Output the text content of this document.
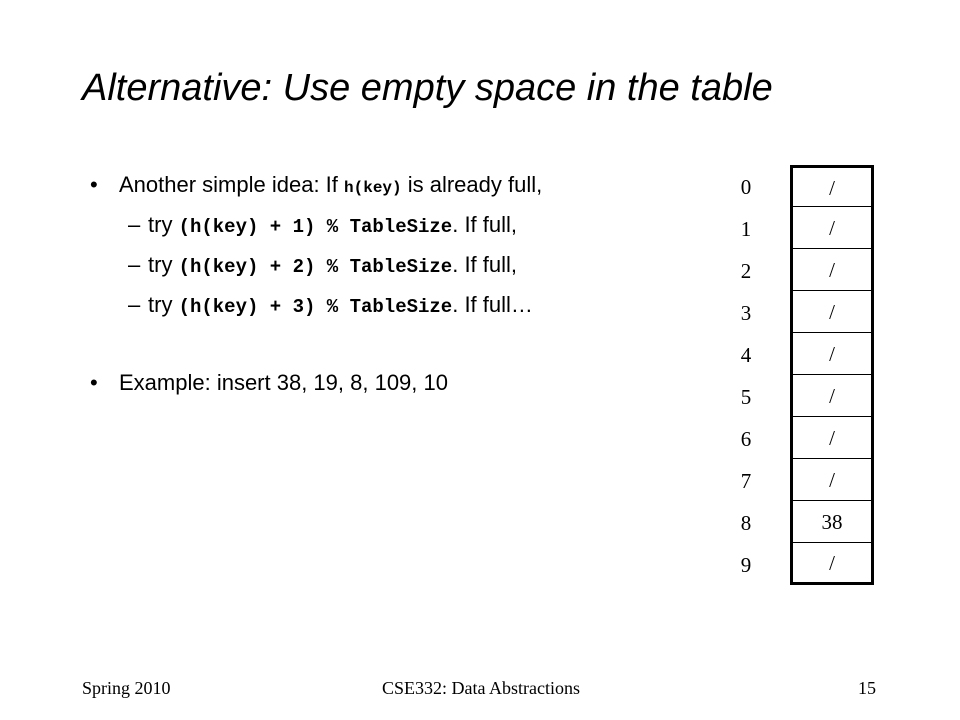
Alternative: Use empty space in the table
• Another simple idea: If h(key) is already full,
– try (h(key) + 1) % TableSize. If full,
– try (h(key) + 2) % TableSize. If full,
– try (h(key) + 3) % TableSize. If full…
• Example: insert 38, 19, 8, 109, 10
0	/
1	/
2	/
3	/
4	/
5	/
6	/
7	/
8	38
9	/
Spring 2010	CSE332: Data Abstractions	15
